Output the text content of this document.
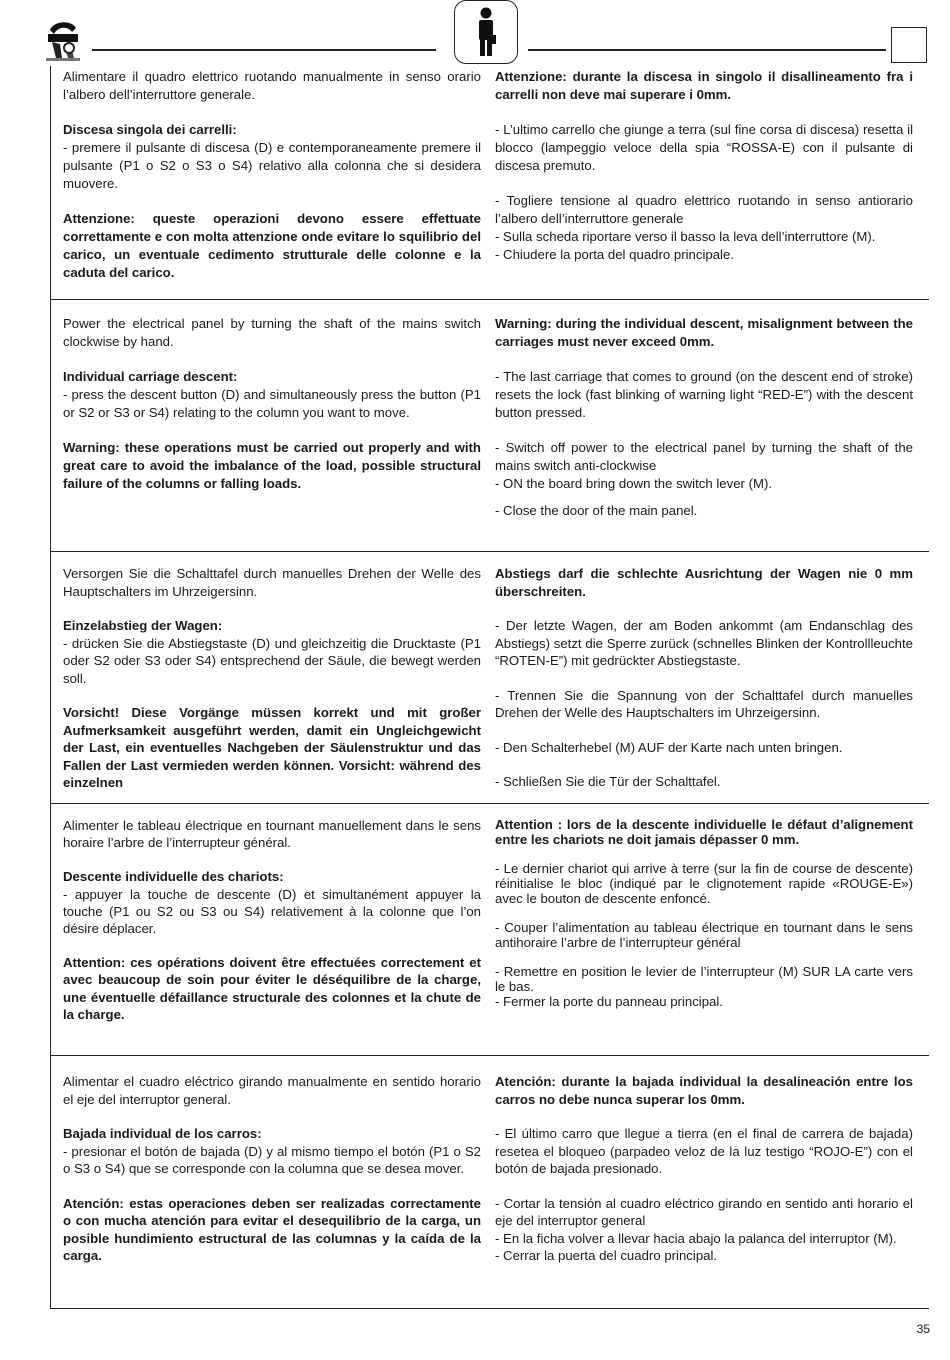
Alimentare il quadro elettrico ruotando manualmente in senso orario l’albero dell’interruttore generale.

Discesa singola dei carrelli:
- premere il pulsante di discesa (D) e contemporaneamente premere il pulsante (P1 o S2 o S3 o S4) relativo alla colonna che si desidera muovere.

Attenzione: queste operazioni devono essere effettuate correttamente e con molta attenzione onde evitare lo squilibrio del carico, un eventuale cedimento strutturale delle colonne e la caduta del carico.

Attenzione: durante la discesa in singolo il disallineamento fra i carrelli non deve mai superare i 0mm.

- L’ultimo carrello che giunge a terra (sul fine corsa di discesa) resetta il blocco (lampeggio veloce della spia “ROSSA-E) con il pulsante di discesa premuto.

- Togliere tensione al quadro elettrico ruotando in senso antiorario l’albero dell’interruttore generale

- Sulla scheda riportare verso il basso la leva dell’interruttore (M).

- Chiudere la porta del quadro principale.

Power the electrical panel by turning the shaft of the mains switch clockwise by hand.

Individual carriage descent:
- press the descent button (D) and simultaneously press the button (P1 or S2 or S3 or S4) relating to the column you want to move.

Warning: these operations must be carried out properly and with great care to avoid the imbalance of the load, possible structural failure of the columns or falling loads.

Warning: during the individual descent, misalignment between the carriages must never exceed 0mm.

- The last carriage that comes to ground (on the descent end of stroke) resets the lock (fast blinking of warning light “RED-E”) with the descent button pressed.

- Switch off power to the electrical panel by turning the shaft of the mains switch anti-clockwise

- ON the board bring down the switch lever (M).

- Close the door of the main panel.

Versorgen Sie die Schalttafel durch manuelles Drehen der Welle des Hauptschalters im Uhrzeigersinn.

Einzelabstieg der Wagen:
- drücken Sie die Abstiegstaste (D) und gleichzeitig die Drucktaste (P1 oder S2 oder S3 oder S4) entsprechend der Säule, die bewegt werden soll.

Vorsicht! Diese Vorgänge müssen korrekt und mit großer Aufmerksamkeit ausgeführt werden, damit ein Ungleichgewicht der Last, ein eventuelles Nachgeben der Säulenstruktur und das Fallen der Last vermieden werden können. Vorsicht: während des einzelnen

Abstiegs darf die schlechte Ausrichtung der Wagen nie 0 mm überschreiten.

- Der letzte Wagen, der am Boden ankommt (am Endanschlag des Abstiegs) setzt die Sperre zurück (schnelles Blinken der Kontrollleuchte “ROTEN-E”) mit gedrückter Abstiegstaste.

- Trennen Sie die Spannung von der Schalttafel durch manuelles Drehen der Welle des Hauptschalters im Uhrzeigersinn.

- Den Schalterhebel (M) AUF der Karte nach unten bringen.

- Schließen Sie die Tür der Schalttafel.

Alimenter le tableau électrique en tournant manuellement dans le sens horaire l’arbre de l’interrupteur général.

Descente individuelle des chariots:
- appuyer la touche de descente (D) et simultanément appuyer la touche (P1 ou S2 ou S3 ou S4) relativement à la colonne que l’on désire déplacer.

Attention: ces opérations doivent être effectuées correctement et avec beaucoup de soin pour éviter le déséquilibre de la charge, une éventuelle défaillance structurale des colonnes et la chute de la charge.

Attention : lors de la descente individuelle le défaut d’alignement entre les chariots ne doit jamais dépasser 0 mm.

- Le dernier chariot qui arrive à terre (sur la fin de course de descente) réinitialise le bloc (indiqué par le clignotement rapide «ROUGE-E») avec le bouton de descente enfoncé.

- Couper l’alimentation au tableau électrique en tournant dans le sens antihoraire l’arbre de l’interrupteur général

- Remettre en position le levier de l’interrupteur (M) SUR LA carte vers le bas.

- Fermer la porte du panneau principal.

Alimentar el cuadro eléctrico girando manualmente en sentido horario el eje del interruptor general.

Bajada individual de los carros:
- presionar el botón de bajada (D) y al mismo tiempo el botón (P1 o S2 o S3 o S4) que se corresponde con la columna que se desea mover.

Atención: estas operaciones deben ser realizadas correctamente o con mucha atención para evitar el desequilibrio de la carga, un posible hundimiento estructural de las columnas y la caída de la carga.

Atención: durante la bajada individual la desalineación entre los carros no debe nunca superar los 0mm.

- El último carro que llegue a tierra (en el final de carrera de bajada) resetea el bloqueo (parpadeo veloz de la luz testigo “ROJO-E”) con el botón de bajada presionado.

- Cortar la tensión al cuadro eléctrico girando en sentido anti horario el eje del interruptor general

- En la ficha volver a llevar hacia abajo la palanca del interruptor (M).

- Cerrar la puerta del cuadro principal.

35
